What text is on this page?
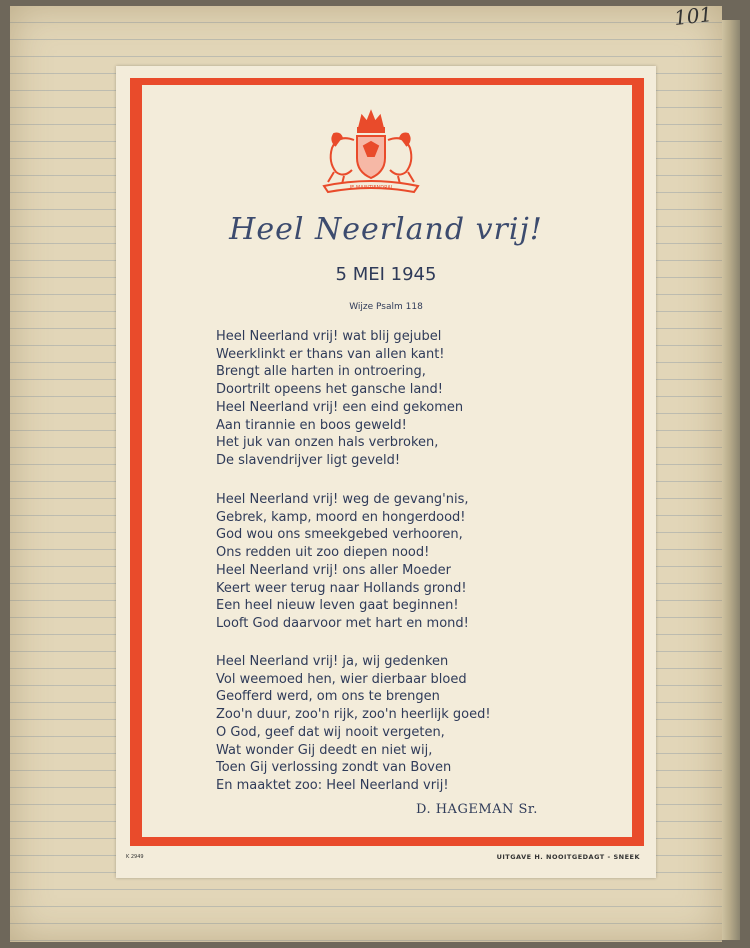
101
JE MAINTIENDRAI
Heel Neerland vrij!
5 MEI 1945
Wijze Psalm 118
Heel Neerland vrij! wat blij gejubel
Weerklinkt er thans van allen kant!
Brengt alle harten in ontroering,
Doortrilt opeens het gansche land!
Heel Neerland vrij! een eind gekomen
Aan tirannie en boos geweld!
Het juk van onzen hals verbroken,
De slavendrijver ligt geveld!
Heel Neerland vrij! weg de gevang'nis,
Gebrek, kamp, moord en hongerdood!
God wou ons smeekgebed verhooren,
Ons redden uit zoo diepen nood!
Heel Neerland vrij! ons aller Moeder
Keert weer terug naar Hollands grond!
Een heel nieuw leven gaat beginnen!
Looft God daarvoor met hart en mond!
Heel Neerland vrij! ja, wij gedenken
Vol weemoed hen, wier dierbaar bloed
Geofferd werd, om ons te brengen
Zoo'n duur, zoo'n rijk, zoo'n heerlijk goed!
O God, geef dat wij nooit vergeten,
Wat wonder Gij deedt en niet wij,
Toen Gij verlossing zondt van Boven
En maaktet zoo: Heel Neerland vrij!
D. HAGEMAN Sr.
K 2949	UITGAVE H. NOOITGEDAGT - SNEEK
